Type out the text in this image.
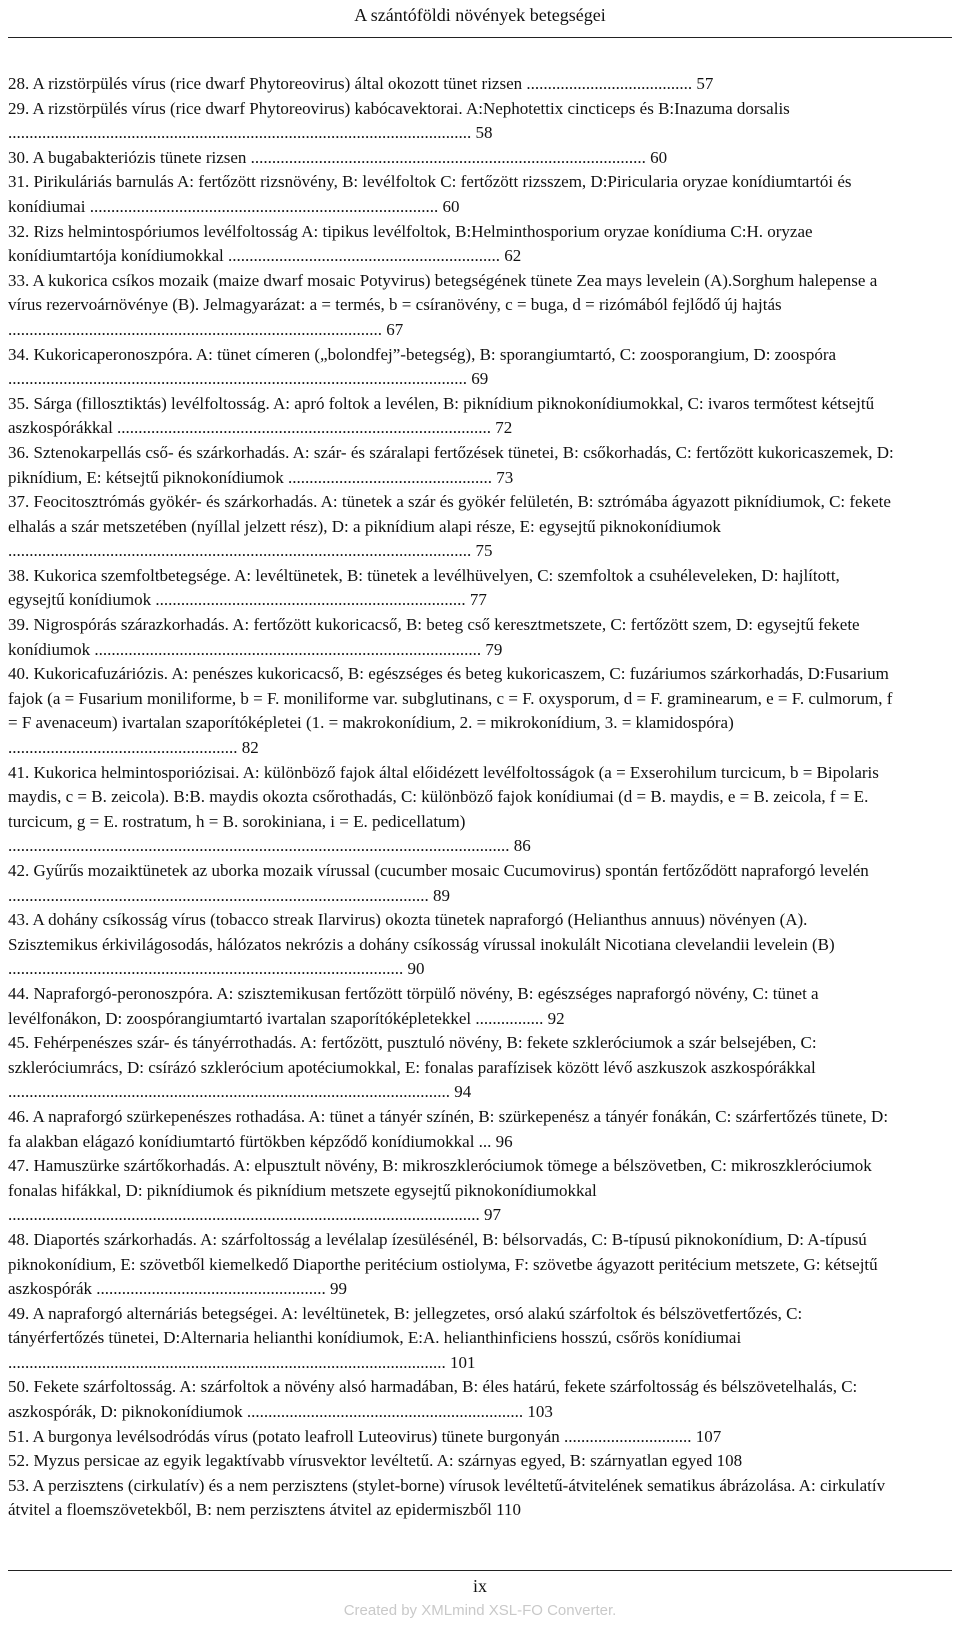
A szántóföldi növények betegségei

28. A rizstörpülés vírus (rice dwarf Phytoreovirus) által okozott tünet rizsen ....................................... 57

29. A rizstörpülés vírus (rice dwarf Phytoreovirus) kabócavektorai. A:Nephotettix cincticeps és B:Inazuma dorsalis ............................................................................................................. 58

30. A bugabakteriózis tünete rizsen ............................................................................................. 60

31. Pirikuláriás barnulás A: fertőzött rizsnövény, B: levélfoltok C: fertőzött rizsszem, D:Piricularia oryzae konídiumtartói és konídiumai .................................................................................. 60

32. Rizs helmintospóriumos levélfoltosság A: tipikus levélfoltok, B:Helminthosporium oryzae konídiuma C:H. oryzae konídiumtartója konídiumokkal ................................................................ 62

33. A kukorica csíkos mozaik (maize dwarf mosaic Potyvirus) betegségének tünete Zea mays levelein (A).Sorghum halepense a vírus rezervoárnövénye (B). Jelmagyarázat: a = termés, b = csíranövény, c = buga, d = rizómából fejlődő új hajtás ........................................................................................ 67

34. Kukoricaperonoszpóra. A: tünet címeren („bolondfej”-betegség), B: sporangiumtartó, C: zoosporangium, D: zoospóra ............................................................................................................ 69

35. Sárga (fillosztiktás) levélfoltosság. A: apró foltok a levélen, B: piknídium piknokonídiumokkal, C: ivaros termőtest kétsejtű aszkospórákkal ........................................................................................ 72

36. Sztenokarpellás cső- és szárkorhadás. A: szár- és száralapi fertőzések tünetei, B: csőkorhadás, C: fertőzött kukoricaszemek, D: piknídium, E: kétsejtű piknokonídiumok ................................................ 73

37. Feocitosztrómás gyökér- és szárkorhadás. A: tünetek a szár és gyökér felületén, B: sztrómába ágyazott piknídiumok, C: fekete elhalás a szár metszetében (nyíllal jelzett rész), D: a piknídium alapi része, E: egysejtű piknokonídiumok ............................................................................................................. 75

38. Kukorica szemfoltbetegsége. A: levéltünetek, B: tünetek a levélhüvelyen, C: szemfoltok a csuhéleveleken, D: hajlított, egysejtű konídiumok ......................................................................... 77

39. Nigrospórás szárazkorhadás. A: fertőzött kukoricacső, B: beteg cső keresztmetszete, C: fertőzött szem, D: egysejtű fekete konídiumok ........................................................................................... 79

40. Kukoricafuzáriózis. A: penészes kukoricacső, B: egészséges és beteg kukoricaszem, C: fuzáriumos szárkorhadás, D:Fusarium fajok (a = Fusarium moniliforme, b = F. moniliforme var. subglutinans, c = F. oxysporum, d = F. graminearum, e = F. culmorum, f = F avenaceum) ivartalan szaporítóképletei (1. = makrokonídium, 2. = mikrokonídium, 3. = klamidospóra) ...................................................... 82

41. Kukorica helmintosporiózisai. A: különböző fajok által előidézett levélfoltosságok (a = Exserohilum turcicum, b = Bipolaris maydis, c = B. zeicola). B:B. maydis okozta csőrothadás, C: különböző fajok konídiumai (d = B. maydis, e = B. zeicola, f = E. turcicum, g = E. rostratum, h = B. sorokiniana, i = E. pedicellatum) ...................................................................................................................... 86

42. Gyűrűs mozaiktünetek az uborka mozaik vírussal (cucumber mosaic Cucumovirus) spontán fertőződött napraforgó levelén ................................................................................................... 89

43. A dohány csíkosság vírus (tobacco streak Ilarvirus) okozta tünetek napraforgó (Helianthus annuus) növényen (A). Szisztemikus érkivilágosodás, hálózatos nekrózis a dohány csíkosság vírussal inokulált Nicotiana clevelandii levelein (B) ............................................................................................. 90

44. Napraforgó-peronoszpóra. A: szisztemikusan fertőzött törpülő növény, B: egészséges napraforgó növény, C: tünet a levélfonákon, D: zoospórangiumtartó ivartalan szaporítóképletekkel ................ 92

45. Fehérpenészes szár- és tányérrothadás. A: fertőzött, pusztuló növény, B: fekete szkleróciumok a szár belsejében, C: szkleróciumrács, D: csírázó szklerócium apotéciumokkal, E: fonalas parafízisek között lévő aszkuszok aszkospórákkal ........................................................................................................ 94

46. A napraforgó szürkepenészes rothadása. A: tünet a tányér színén, B: szürkepenész a tányér fonákán, C: szárfertőzés tünete, D: fa alakban elágazó konídiumtartó fürtökben képződő konídiumokkal ... 96

47. Hamuszürke szártőkorhadás. A: elpusztult növény, B: mikroszkleróciumok tömege a bélszövetben, C: mikroszkleróciumok fonalas hifákkal, D: piknídiumok és piknídium metszete egysejtű piknokonídiumokkal ............................................................................................................... 97

48. Diaportés szárkorhadás. A: szárfoltosság a levélalap ízesülésénél, B: bélsorvadás, C: B-típusú piknokonídium, D: A-típusú piknokonídium, E: szövetből kiemelkedő Diaporthe peritécium ostiolума, F: szövetbe ágyazott peritécium metszete, G: kétsejtű aszkospórák ...................................................... 99

49. A napraforgó alternáriás betegségei. A: levéltünetek, B: jellegzetes, orsó alakú szárfoltok és bélszövetfertőzés, C: tányérfertőzés tünetei, D:Alternaria helianthi konídiumok, E:A. helianthinficiens hosszú, csőrös konídiumai ....................................................................................................... 101

50. Fekete szárfoltosság. A: szárfoltok a növény alsó harmadában, B: éles határú, fekete szárfoltosság és bélszövetelhalás, C: aszkospórák, D: piknokonídiumok ................................................................. 103

51. A burgonya levélsodródás vírus (potato leafroll Luteovirus) tünete burgonyán .............................. 107

52. Myzus persicae az egyik legaktívabb vírusvektor levéltetű. A: szárnyas egyed, B: szárnyatlan egyed 108

53. A perzisztens (cirkulatív) és a nem perzisztens (stylet-borne) vírusok levéltetű-átvitelének sematikus ábrázolása. A: cirkulatív átvitel a floemszövetekből, B: nem perzisztens átvitel az epidermiszből 110

ix
Created by XMLmind XSL-FO Converter.
